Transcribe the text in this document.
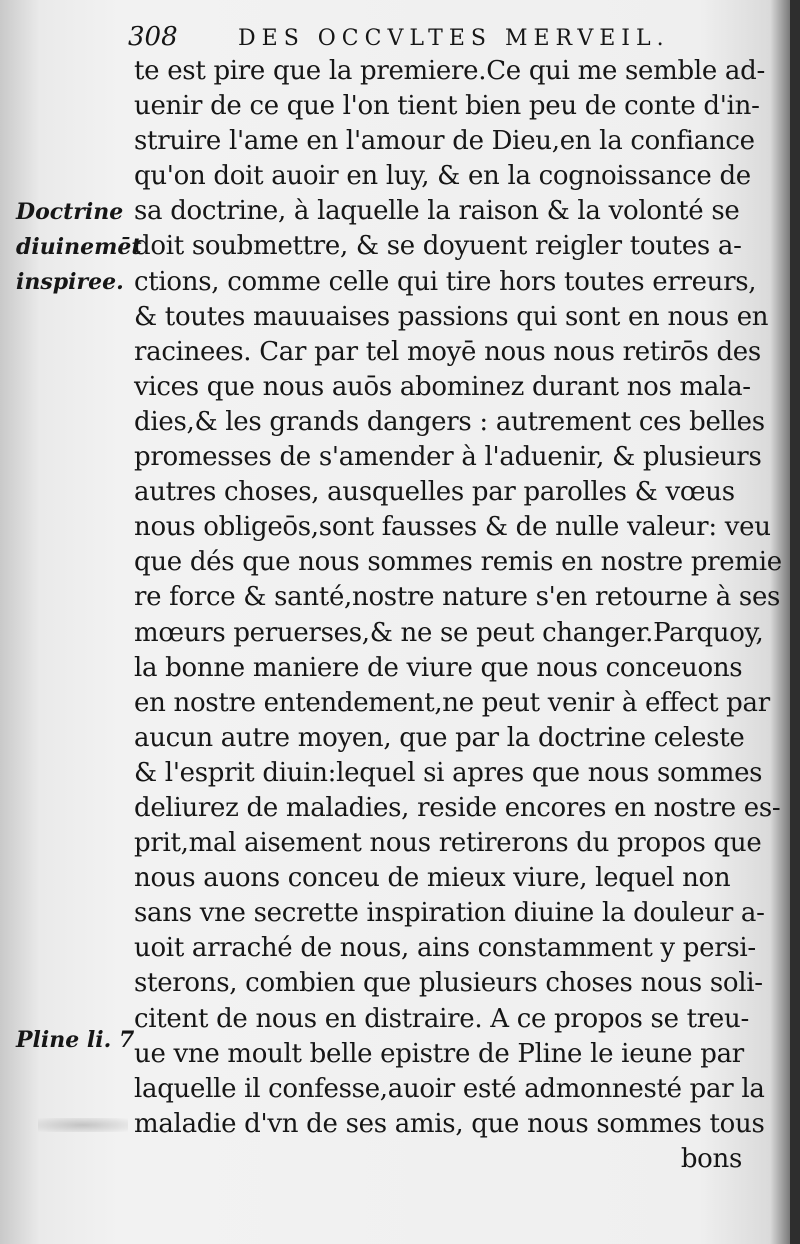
308	DES OCCVLTES MERVEIL.
Doctrine
diuinemēt
inspiree.
Pline li. 7
te est pire que la premiere.Ce qui me semble ad-
uenir de ce que l'on tient bien peu de conte d'in-
struire l'ame en l'amour de Dieu,en la confiance
qu'on doit auoir en luy, & en la cognoissance de
sa doctrine, à laquelle la raison & la volonté se
doit soubmettre, & se doyuent reigler toutes a-
ctions, comme celle qui tire hors toutes erreurs,
& toutes mauuaises passions qui sont en nous en
racinees. Car par tel moyē nous nous retirōs des
vices que nous auōs abominez durant nos mala-
dies,& les grands dangers : autrement ces belles
promesses de s'amender à l'aduenir, & plusieurs
autres choses, ausquelles par parolles & vœus
nous obligeōs,sont fausses & de nulle valeur: veu
que dés que nous sommes remis en nostre premie
re force & santé,nostre nature s'en retourne à ses
mœurs peruerses,& ne se peut changer.Parquoy,
la bonne maniere de viure que nous conceuons
en nostre entendement,ne peut venir à effect par
aucun autre moyen, que par la doctrine celeste
& l'esprit diuin:lequel si apres que nous sommes
deliurez de maladies, reside encores en nostre es-
prit,mal aisement nous retirerons du propos que
nous auons conceu de mieux viure, lequel non
sans vne secrette inspiration diuine la douleur a-
uoit arraché de nous, ains constamment y persi-
sterons, combien que plusieurs choses nous soli-
citent de nous en distraire. A ce propos se treu-
ue vne moult belle epistre de Pline le ieune par
laquelle il confesse,auoir esté admonnesté par la
maladie d'vn de ses amis, que nous sommes tous
bons
